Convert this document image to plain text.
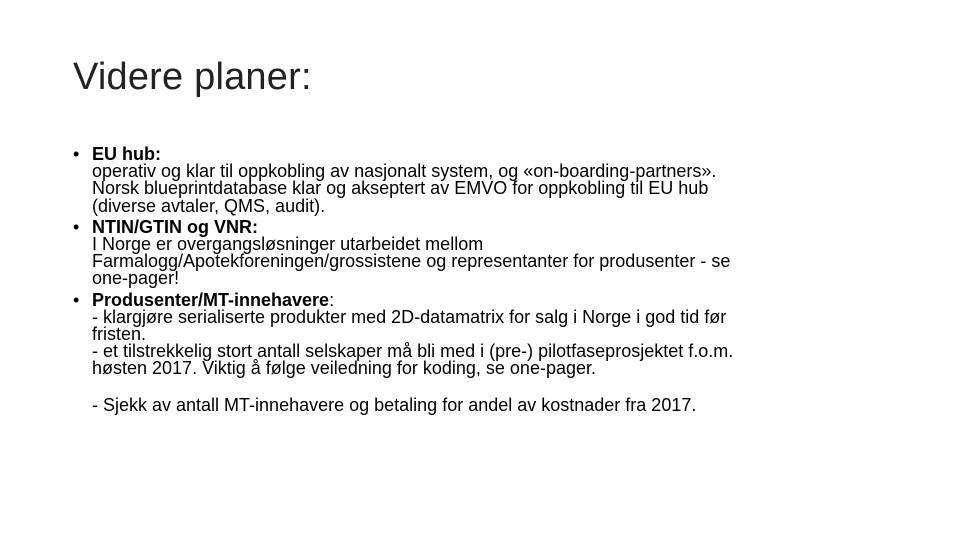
Videre planer:
• EU hub:
operativ og klar til oppkobling av nasjonalt system, og «on-boarding-partners».
Norsk blueprintdatabase klar og akseptert av EMVO for oppkobling til EU hub
(diverse avtaler, QMS, audit).
• NTIN/GTIN og VNR:
I Norge er overgangsløsninger utarbeidet mellom
Farmalogg/Apotekforeningen/grossistene og representanter for produsenter - se
one-pager!
• Produsenter/MT-innehavere:
- klargjøre serialiserte produkter med 2D-datamatrix for salg i Norge i god tid før
fristen.
- et tilstrekkelig stort antall selskaper må bli med i (pre-) pilotfaseprosjektet f.o.m.
høsten 2017. Viktig å følge veiledning for koding, se one-pager.
- Sjekk av antall MT-innehavere og betaling for andel av kostnader fra 2017.
